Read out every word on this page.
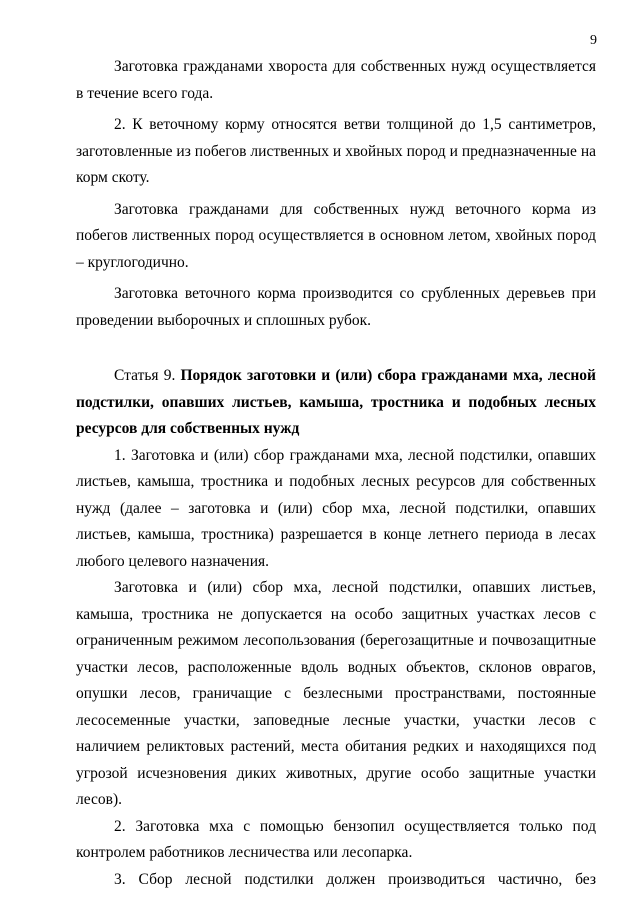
9

Заготовка гражданами хвороста для собственных нужд осуществляется в течение всего года.

2. К веточному корму относятся ветви толщиной до 1,5 сантиметров, заготовленные из побегов лиственных и хвойных пород и предназначенные на корм скоту.

Заготовка гражданами для собственных нужд веточного корма из побегов лиственных пород осуществляется в основном летом, хвойных пород – круглогодично.

Заготовка веточного корма производится со срубленных деревьев при проведении выборочных и сплошных рубок.

Статья 9. Порядок заготовки и (или) сбора гражданами мха, лесной подстилки, опавших листьев, камыша, тростника и подобных лесных ресурсов для собственных нужд

1. Заготовка и (или) сбор гражданами мха, лесной подстилки, опавших листьев, камыша, тростника и подобных лесных ресурсов для собственных нужд (далее – заготовка и (или) сбор мха, лесной подстилки, опавших листьев, камыша, тростника) разрешается в конце летнего периода в лесах любого целевого назначения.

Заготовка и (или) сбор мха, лесной подстилки, опавших листьев, камыша, тростника не допускается на особо защитных участках лесов с ограниченным режимом лесопользования (берегозащитные и почвозащитные участки лесов, расположенные вдоль водных объектов, склонов оврагов, опушки лесов, граничащие с безлесными пространствами, постоянные лесосеменные участки, заповедные лесные участки, участки лесов с наличием реликтовых растений, места обитания редких и находящихся под угрозой исчезновения диких животных, другие особо защитные участки лесов).

2. Заготовка мха с помощью бензопил осуществляется только под контролем работников лесничества или лесопарка.

3. Сбор лесной подстилки должен производиться частично, без
